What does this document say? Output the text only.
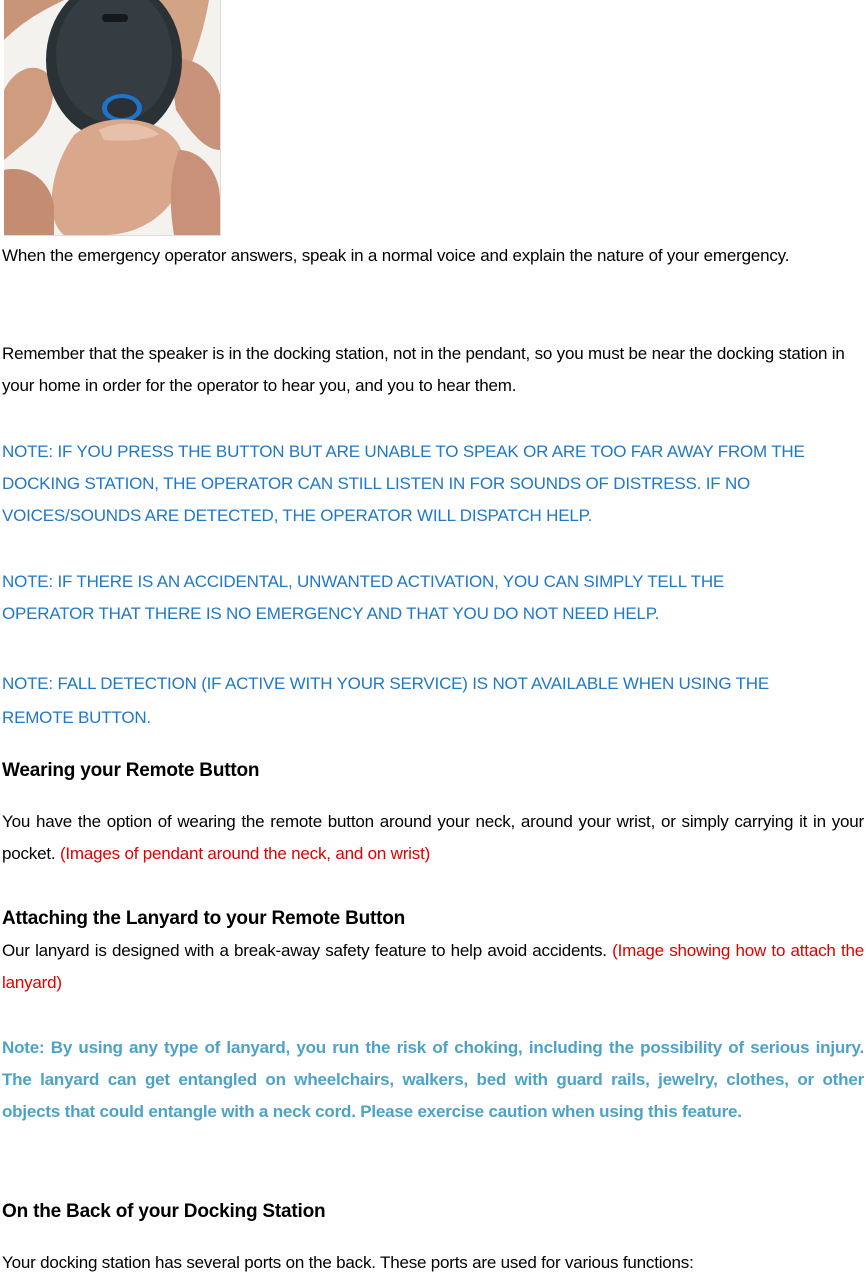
When the emergency operator answers, speak in a normal voice and explain the nature of your emergency.

Remember that the speaker is in the docking station, not in the pendant, so you must be near the docking station in your home in order for the operator to hear you, and you to hear them.

NOTE: IF YOU PRESS THE BUTTON BUT ARE UNABLE TO SPEAK OR ARE TOO FAR AWAY FROM THE
DOCKING STATION, THE OPERATOR CAN STILL LISTEN IN FOR SOUNDS OF DISTRESS. IF NO
VOICES/SOUNDS ARE DETECTED, THE OPERATOR WILL DISPATCH HELP.
NOTE: IF THERE IS AN ACCIDENTAL, UNWANTED ACTIVATION, YOU CAN SIMPLY TELL THE
OPERATOR THAT THERE IS NO EMERGENCY AND THAT YOU DO NOT NEED HELP.
NOTE: FALL DETECTION (IF ACTIVE WITH YOUR SERVICE) IS NOT AVAILABLE WHEN USING THE
REMOTE BUTTON.
Wearing your Remote Button

You have the option of wearing the remote button around your neck, around your wrist, or simply carrying it in your pocket. (Images of pendant around the neck, and on wrist)

Attaching the Lanyard to your Remote Button

Our lanyard is designed with a break-away safety feature to help avoid accidents. (Image showing how to attach the lanyard)

Note: By using any type of lanyard, you run the risk of choking, including the possibility of serious injury. The lanyard can get entangled on wheelchairs, walkers, bed with guard rails, jewelry, clothes, or other objects that could entangle with a neck cord. Please exercise caution when using this feature.

On the Back of your Docking Station

Your docking station has several ports on the back. These ports are used for various functions:
